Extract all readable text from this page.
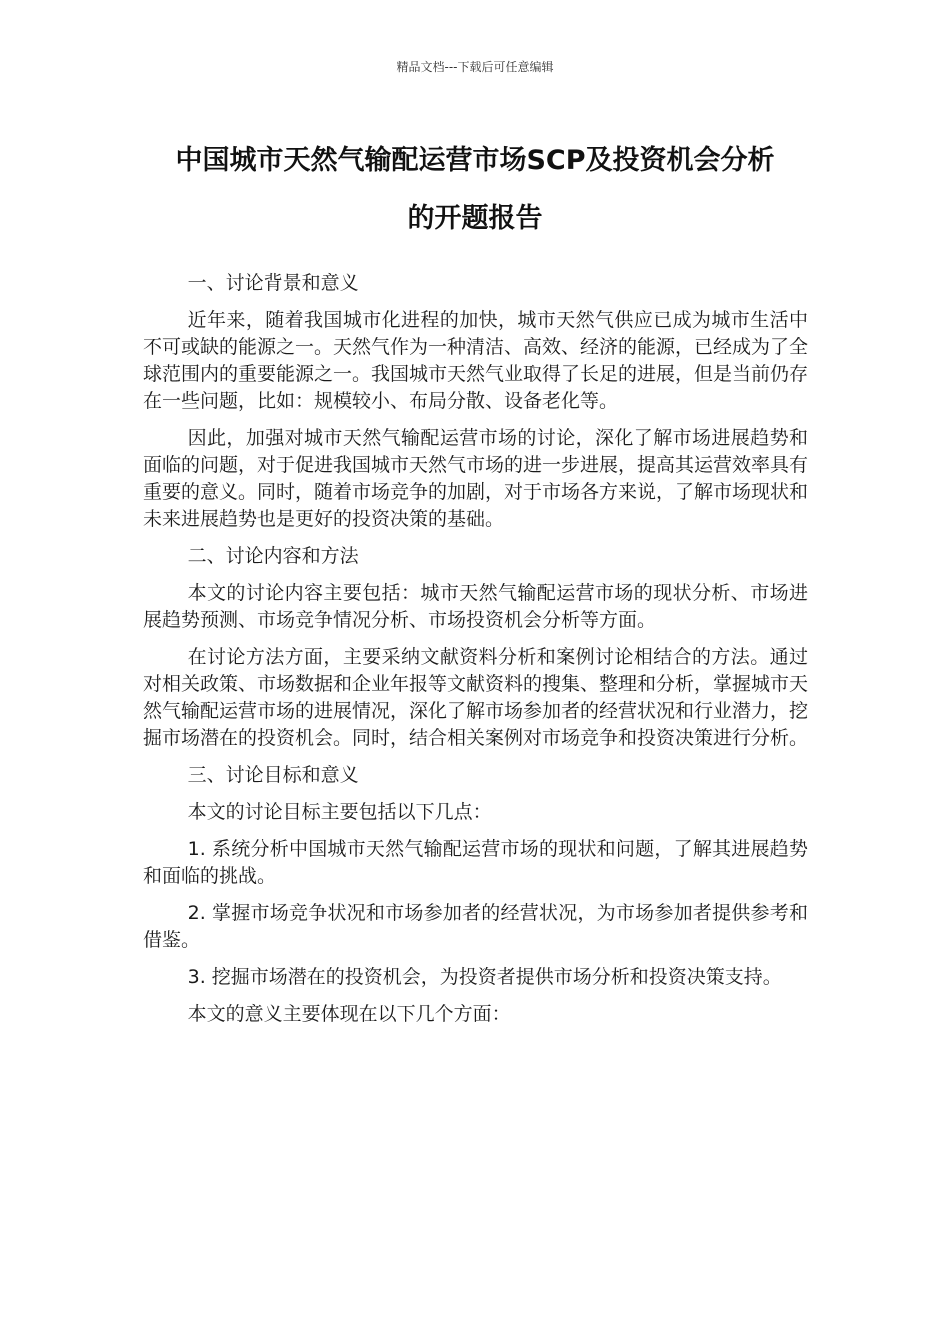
精品文档---下载后可任意编辑
中国城市天然气输配运营市场SCP及投资机会分析
的开题报告

一、讨论背景和意义

近年来，随着我国城市化进程的加快，城市天然气供应已成为城市生活中不可或缺的能源之一。天然气作为一种清洁、高效、经济的能源，已经成为了全球范围内的重要能源之一。我国城市天然气业取得了长足的进展，但是当前仍存在一些问题，比如：规模较小、布局分散、设备老化等。

因此，加强对城市天然气输配运营市场的讨论，深化了解市场进展趋势和面临的问题，对于促进我国城市天然气市场的进一步进展，提高其运营效率具有重要的意义。同时，随着市场竞争的加剧，对于市场各方来说，了解市场现状和未来进展趋势也是更好的投资决策的基础。

二、讨论内容和方法

本文的讨论内容主要包括：城市天然气输配运营市场的现状分析、市场进展趋势预测、市场竞争情况分析、市场投资机会分析等方面。

在讨论方法方面，主要采纳文献资料分析和案例讨论相结合的方法。通过对相关政策、市场数据和企业年报等文献资料的搜集、整理和分析，掌握城市天然气输配运营市场的进展情况，深化了解市场参加者的经营状况和行业潜力，挖掘市场潜在的投资机会。同时，结合相关案例对市场竞争和投资决策进行分析。

三、讨论目标和意义

本文的讨论目标主要包括以下几点：

1. 系统分析中国城市天然气输配运营市场的现状和问题，了解其进展趋势和面临的挑战。

2. 掌握市场竞争状况和市场参加者的经营状况，为市场参加者提供参考和借鉴。

3. 挖掘市场潜在的投资机会，为投资者提供市场分析和投资决策支持。

本文的意义主要体现在以下几个方面：
